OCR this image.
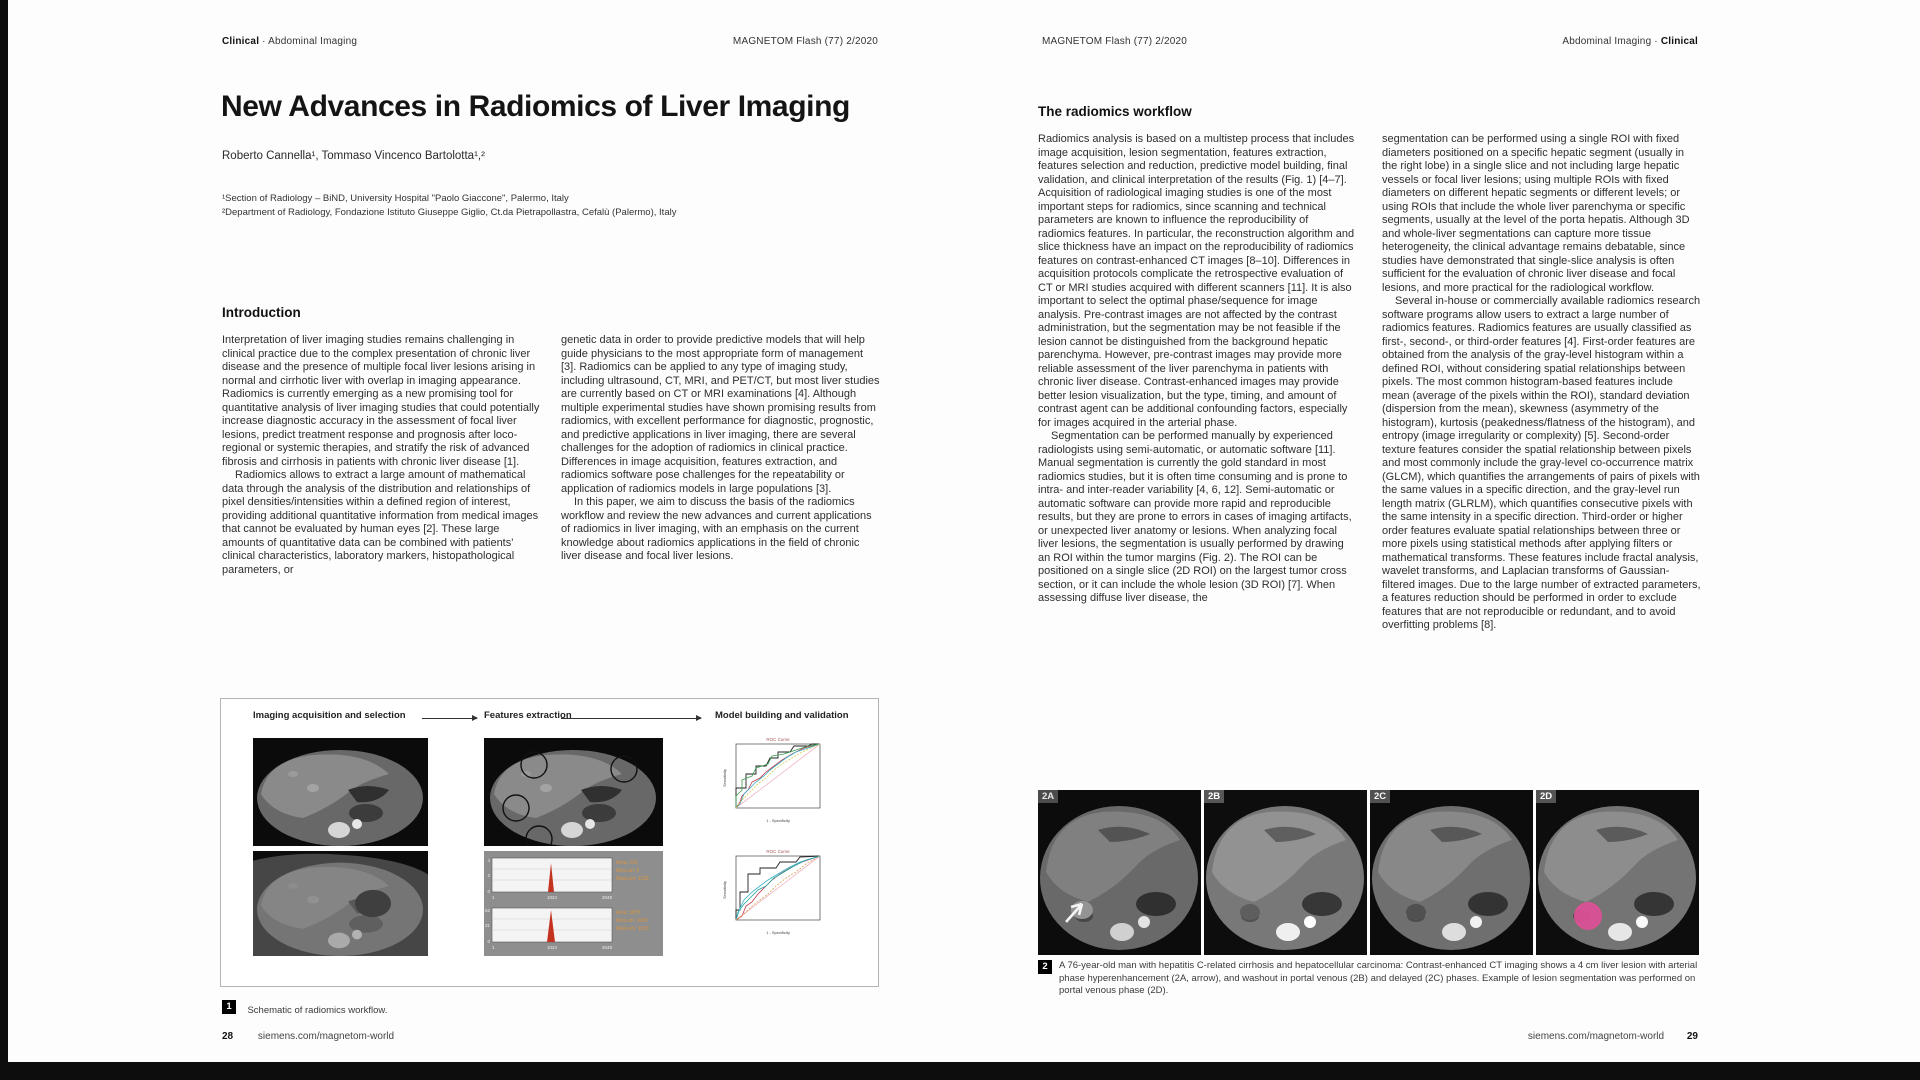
Clinical · Abdominal Imaging	MAGNETOM Flash (77) 2/2020
New Advances in Radiomics of Liver Imaging
Roberto Cannella¹, Tommaso Vincenco Bartolotta¹,²
¹Section of Radiology – BiND, University Hospital "Paolo Giaccone", Palermo, Italy
²Department of Radiology, Fondazione Istituto Giuseppe Giglio, Ct.da Pietrapollastra, Cefalù (Palermo), Italy
Introduction

Interpretation of liver imaging studies remains challenging in clinical practice due to the complex presentation of chronic liver disease and the presence of multiple focal liver lesions arising in normal and cirrhotic liver with overlap in imaging appearance. Radiomics is currently emerging as a new promising tool for quantitative analysis of liver imaging studies that could potentially increase diagnostic accuracy in the assessment of focal liver lesions, predict treatment response and prognosis after loco-regional or systemic therapies, and stratify the risk of advanced fibrosis and cirrhosis in patients with chronic liver disease [1].

Radiomics allows to extract a large amount of mathematical data through the analysis of the distribution and relationships of pixel densities/intensities within a defined region of interest, providing additional quantitative information from medical images that cannot be evaluated by human eyes [2]. These large amounts of quantitative data can be combined with patients' clinical characteristics, laboratory markers, histopathological parameters, or

genetic data in order to provide predictive models that will help guide physicians to the most appropriate form of management [3]. Radiomics can be applied to any type of imaging study, including ultrasound, CT, MRI, and PET/CT, but most liver studies are currently based on CT or MRI examinations [4]. Although multiple experimental studies have shown promising results from radiomics, with excellent performance for diagnostic, prognostic, and predictive applications in liver imaging, there are several challenges for the adoption of radiomics in clinical practice. Differences in image acquisition, features extraction, and radiomics software pose challenges for the repeatability or application of radiomics models in large populations [3].

In this paper, we aim to discuss the basis of the radiomics workflow and review the new advances and current applications of radiomics in liver imaging, with an emphasis on the current knowledge about radiomics applications in the field of chronic liver disease and focal liver lesions.

Imaging acquisition and selection	Features extraction	Model building and validation
4
2
0
1	1024	2048
Area: 116
MinLum: 5
MaxLum: 1135
62
31
0
1	1024	2048
Area: 1875
MinLum: 1005
MaxLum: 1100
ROC Curve
Sensitivity
1 - Specificity
ROC Curve
Sensitivity
1 - Specificity
1 Schematic of radiomics workflow.
28 siemens.com/magnetom-world
MAGNETOM Flash (77) 2/2020	Abdominal Imaging · Clinical
The radiomics workflow

Radiomics analysis is based on a multistep process that includes image acquisition, lesion segmentation, features extraction, features selection and reduction, predictive model building, final validation, and clinical interpretation of the results (Fig. 1) [4–7]. Acquisition of radiological imaging studies is one of the most important steps for radiomics, since scanning and technical parameters are known to influence the reproducibility of radiomics features. In particular, the reconstruction algorithm and slice thickness have an impact on the reproducibility of radiomics features on contrast-enhanced CT images [8–10]. Differences in acquisition protocols complicate the retrospective evaluation of CT or MRI studies acquired with different scanners [11]. It is also important to select the optimal phase/sequence for image analysis. Pre-contrast images are not affected by the contrast administration, but the segmentation may be not feasible if the lesion cannot be distinguished from the background hepatic parenchyma. However, pre-contrast images may provide more reliable assessment of the liver parenchyma in patients with chronic liver disease. Contrast-enhanced images may provide better lesion visualization, but the type, timing, and amount of contrast agent can be additional confounding factors, especially for images acquired in the arterial phase.

Segmentation can be performed manually by experienced radiologists using semi-automatic, or automatic software [11]. Manual segmentation is currently the gold standard in most radiomics studies, but it is often time consuming and is prone to intra- and inter-reader variability [4, 6, 12]. Semi-automatic or automatic software can provide more rapid and reproducible results, but they are prone to errors in cases of imaging artifacts, or unexpected liver anatomy or lesions. When analyzing focal liver lesions, the segmentation is usually performed by drawing an ROI within the tumor margins (Fig. 2). The ROI can be positioned on a single slice (2D ROI) on the largest tumor cross section, or it can include the whole lesion (3D ROI) [7]. When assessing diffuse liver disease, the

segmentation can be performed using a single ROI with fixed diameters positioned on a specific hepatic segment (usually in the right lobe) in a single slice and not including large hepatic vessels or focal liver lesions; using multiple ROIs with fixed diameters on different hepatic segments or different levels; or using ROIs that include the whole liver parenchyma or specific segments, usually at the level of the porta hepatis. Although 3D and whole-liver segmentations can capture more tissue heterogeneity, the clinical advantage remains debatable, since studies have demonstrated that single-slice analysis is often sufficient for the evaluation of chronic liver disease and focal lesions, and more practical for the radiological workflow.

Several in-house or commercially available radiomics research software programs allow users to extract a large number of radiomics features. Radiomics features are usually classified as first-, second-, or third-order features [4]. First-order features are obtained from the analysis of the gray-level histogram within a defined ROI, without considering spatial relationships between pixels. The most common histogram-based features include mean (average of the pixels within the ROI), standard deviation (dispersion from the mean), skewness (asymmetry of the histogram), kurtosis (peakedness/flatness of the histogram), and entropy (image irregularity or complexity) [5]. Second-order texture features consider the spatial relationship between pixels and most commonly include the gray-level co-occurrence matrix (GLCM), which quantifies the arrangements of pairs of pixels with the same values in a specific direction, and the gray-level run length matrix (GLRLM), which quantifies consecutive pixels with the same intensity in a specific direction. Third-order or higher order features evaluate spatial relationships between three or more pixels using statistical methods after applying filters or mathematical transforms. These features include fractal analysis, wavelet transforms, and Laplacian transforms of Gaussian-filtered images. Due to the large number of extracted parameters, a features reduction should be performed in order to exclude features that are not reproducible or redundant, and to avoid overfitting problems [8].

2A	2B	2C	2D
2	A 76-year-old man with hepatitis C-related cirrhosis and hepatocellular carcinoma: Contrast-enhanced CT imaging shows a 4 cm liver lesion with arterial phase hyperenhancement (2A, arrow), and washout in portal venous (2B) and delayed (2C) phases. Example of lesion segmentation was performed on portal venous phase (2D).
siemens.com/magnetom-world 29
